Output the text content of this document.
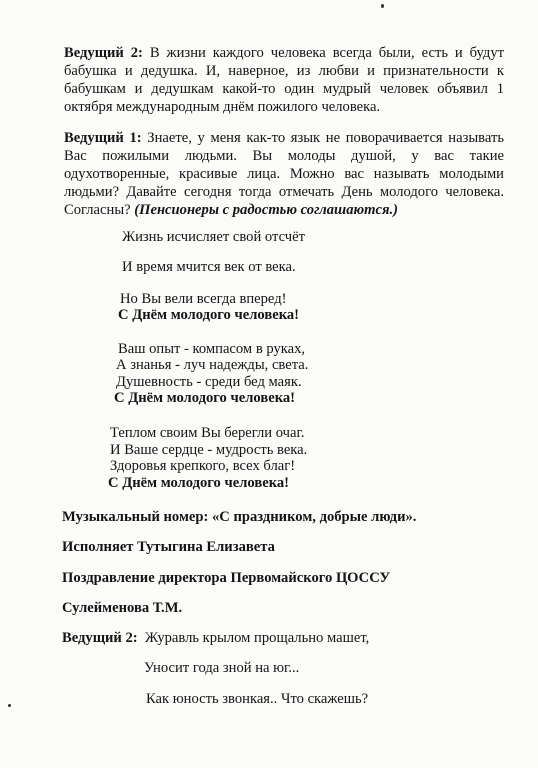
Ведущий 2: В жизни каждого человека всегда были, есть и будут
бабушка и дедушка. И, наверное, из любви и признательности к
бабушкам и дедушкам какой-то один мудрый человек объявил 1
октября международным днём пожилого человека.
Ведущий 1: Знаете, у меня как-то язык не поворачивается называть
Вас пожилыми людьми. Вы молоды душой, у вас такие
одухотворенные, красивые лица. Можно вас называть молодыми
людьми? Давайте сегодня тогда отмечать День молодого человека.
Согласны? (Пенсионеры с радостью соглашаются.)
Жизнь исчисляет свой отсчёт
И время мчится век от века.
Но Вы вели всегда вперед!
С Днём молодого человека!
Ваш опыт - компасом в руках,
А знанья - луч надежды, света.
Душевность - среди бед маяк.
С Днём молодого человека!
Теплом своим Вы берегли очаг.
И Ваше сердце - мудрость века.
Здоровья крепкого, всех благ!
С Днём молодого человека!
Музыкальный номер: «С праздником, добрые люди».
Исполняет Тутыгина Елизавета
Поздравление директора Первомайского ЦОССУ
Сулейменова Т.М.
Ведущий 2: Журавль крылом прощально машет,
Уносит года зной на юг...
Как юность звонкая.. Что скажешь?
